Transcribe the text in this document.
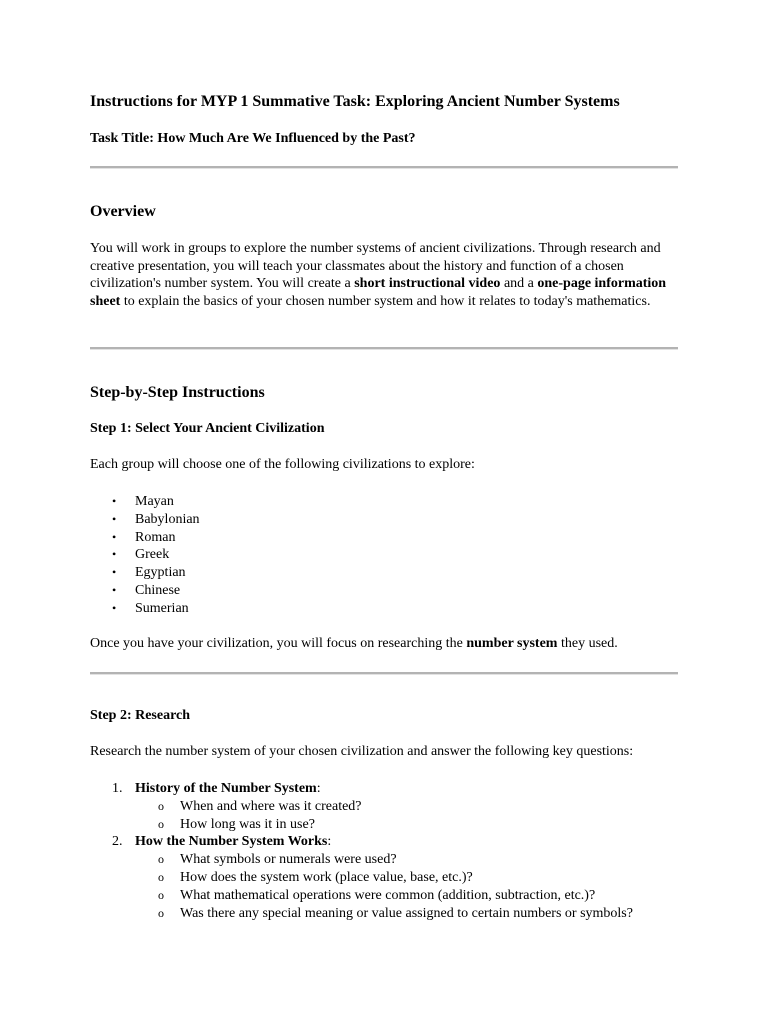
Instructions for MYP 1 Summative Task: Exploring Ancient Number Systems
Task Title: How Much Are We Influenced by the Past?
Overview

You will work in groups to explore the number systems of ancient civilizations. Through research and creative presentation, you will teach your classmates about the history and function of a chosen civilization's number system. You will create a short instructional video and a one-page information sheet to explain the basics of your chosen number system and how it relates to today's mathematics.

Step-by-Step Instructions
Step 1: Select Your Ancient Civilization

Each group will choose one of the following civilizations to explore:

• Mayan
• Babylonian
• Roman
• Greek
• Egyptian
• Chinese
• Sumerian

Once you have your civilization, you will focus on researching the number system they used.

Step 2: Research

Research the number system of your chosen civilization and answer the following key questions:

1. History of the Number System:
o When and where was it created?
o How long was it in use?
2. How the Number System Works:
o What symbols or numerals were used?
o How does the system work (place value, base, etc.)?
o What mathematical operations were common (addition, subtraction, etc.)?
o Was there any special meaning or value assigned to certain numbers or symbols?
